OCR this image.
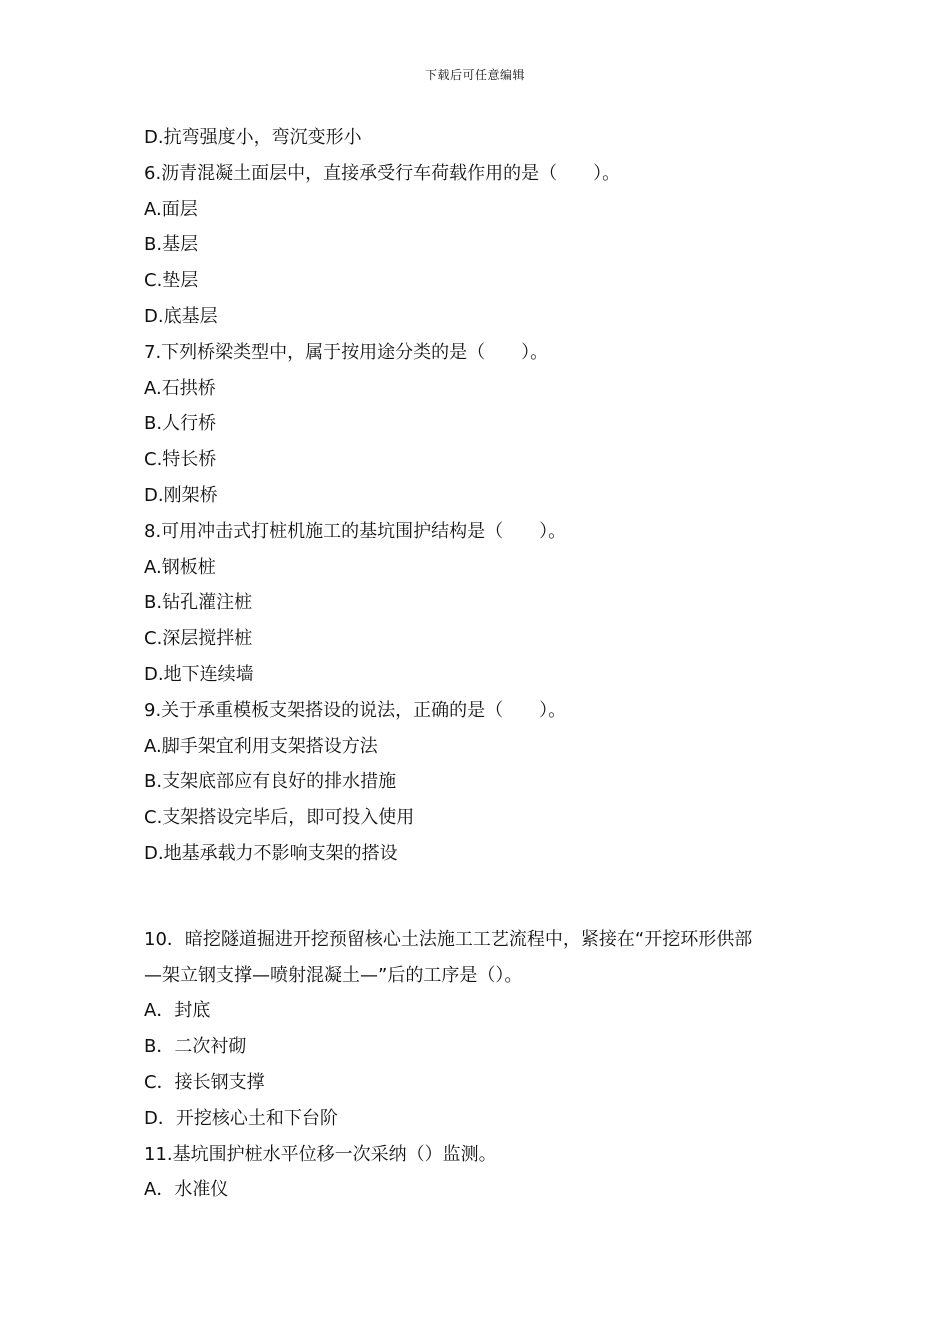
下载后可任意编辑
D.抗弯强度小，弯沉变形小
6.沥青混凝土面层中，直接承受行车荷载作用的是（　　）。
A.面层
B.基层
C.垫层
D.底基层
7.下列桥梁类型中，属于按用途分类的是（　　）。
A.石拱桥
B.人行桥
C.特长桥
D.刚架桥
8.可用冲击式打桩机施工的基坑围护结构是（　　）。
A.钢板桩
B.钻孔灌注桩
C.深层搅拌桩
D.地下连续墙
9.关于承重模板支架搭设的说法，正确的是（　　）。
A.脚手架宜利用支架搭设方法
B.支架底部应有良好的排水措施
C.支架搭设完毕后，即可投入使用
D.地基承载力不影响支架的搭设
10．暗挖隧道掘进开挖预留核心土法施工工艺流程中，紧接在“开挖环形供部
—架立钢支撑—喷射混凝土—”后的工序是（）。
A．封底
B．二次衬砌
C．接长钢支撑
D．开挖核心土和下台阶
11.基坑围护桩水平位移一次采纳（）监测。
A．水准仪
